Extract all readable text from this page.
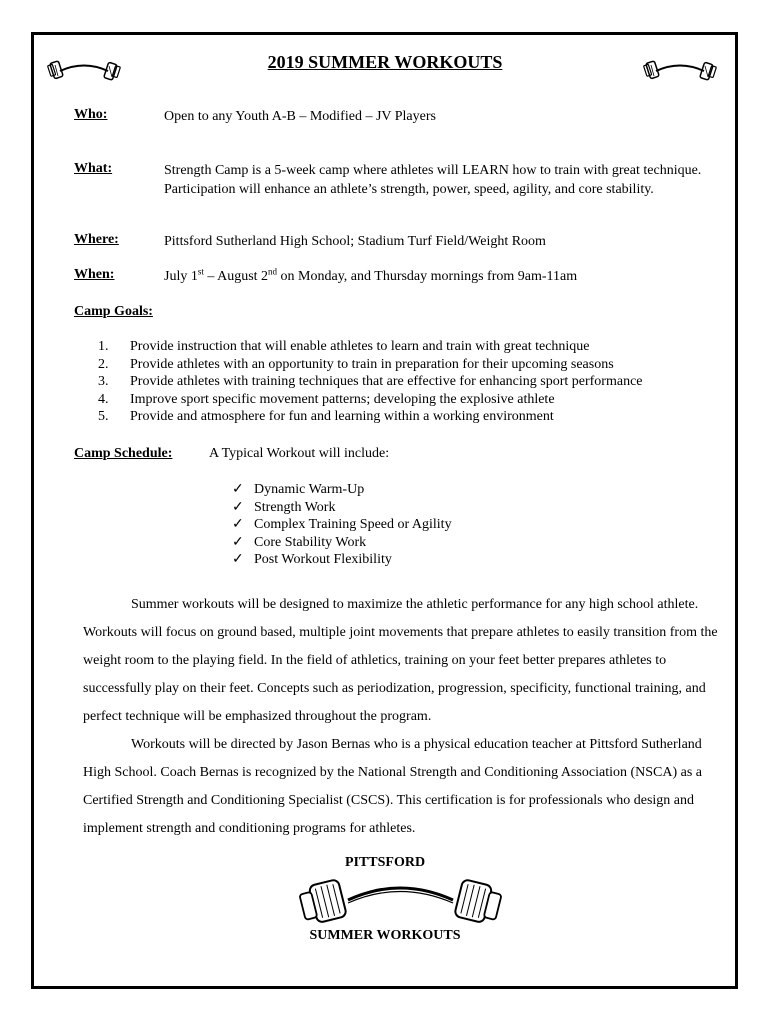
2019 SUMMER WORKOUTS
Who:	Open to any Youth A-B – Modified – JV Players
What:	Strength Camp is a 5-week camp where athletes will LEARN how to train with great technique. Participation will enhance an athlete’s strength, power, speed, agility, and core stability.
Where:	Pittsford Sutherland High School; Stadium Turf Field/Weight Room
When:	July 1st – August 2nd on Monday, and Thursday mornings from 9am-11am
Camp Goals:
1.	Provide instruction that will enable athletes to learn and train with great technique
2.	Provide athletes with an opportunity to train in preparation for their upcoming seasons
3.	Provide athletes with training techniques that are effective for enhancing sport performance
4.	Improve sport specific movement patterns; developing the explosive athlete
5.	Provide and atmosphere for fun and learning within a working environment
Camp Schedule:	A Typical Workout will include:
✓ Dynamic Warm-Up
✓ Strength Work
✓ Complex Training Speed or Agility
✓ Core Stability Work
✓ Post Workout Flexibility

Summer workouts will be designed to maximize the athletic performance for any high school athlete. Workouts will focus on ground based, multiple joint movements that prepare athletes to easily transition from the weight room to the playing field. In the field of athletics, training on your feet better prepares athletes to successfully play on their feet. Concepts such as periodization, progression, specificity, functional training, and perfect technique will be emphasized throughout the program.

Workouts will be directed by Jason Bernas who is a physical education teacher at Pittsford Sutherland High School. Coach Bernas is recognized by the National Strength and Conditioning Association (NSCA) as a Certified Strength and Conditioning Specialist (CSCS). This certification is for professionals who design and implement strength and conditioning programs for athletes.

PITTSFORD
SUMMER WORKOUTS
